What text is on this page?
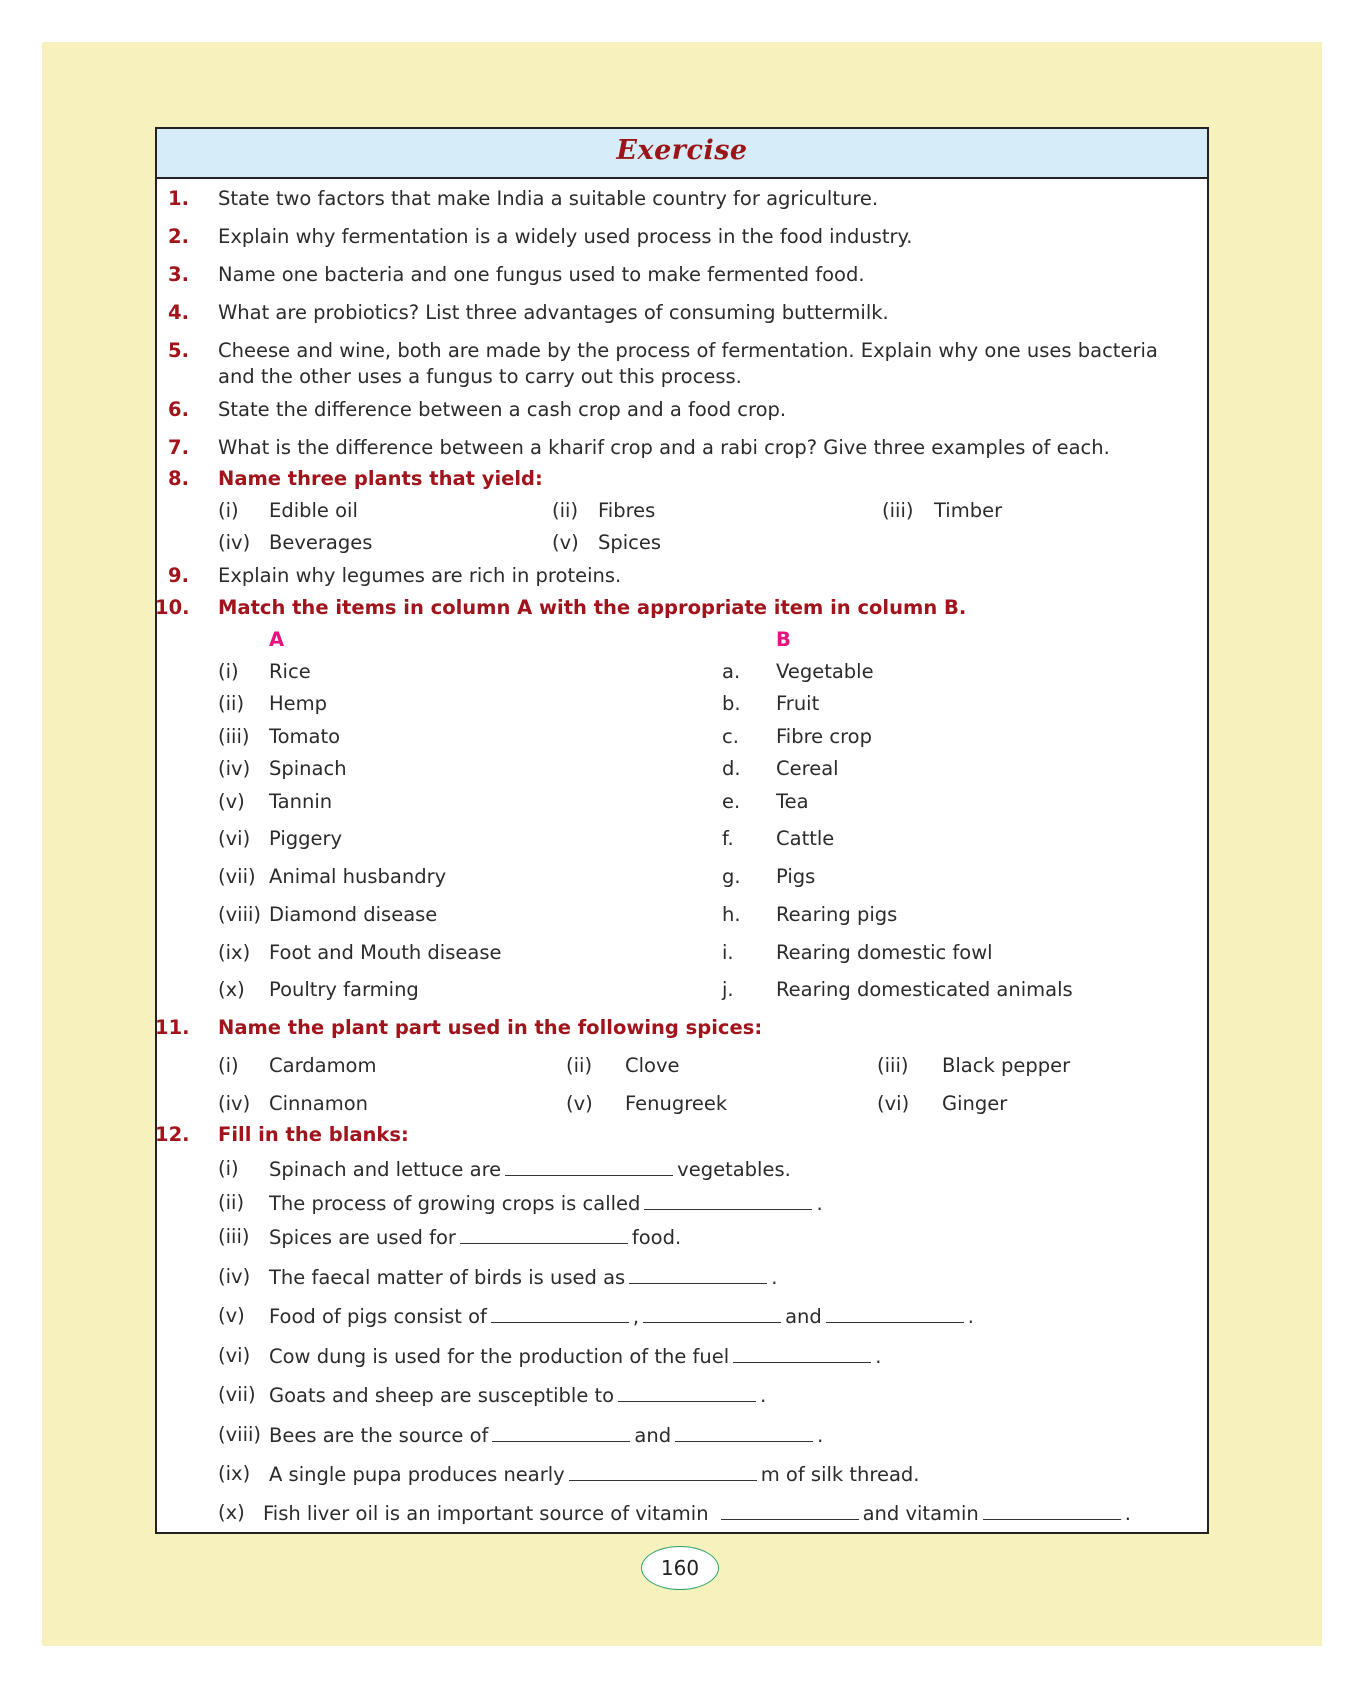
Exercise
1. State two factors that make India a suitable country for agriculture.
2. Explain why fermentation is a widely used process in the food industry.
3. Name one bacteria and one fungus used to make fermented food.
4. What are probiotics? List three advantages of consuming buttermilk.
5. Cheese and wine, both are made by the process of fermentation. Explain why one uses bacteria
and the other uses a fungus to carry out this process.
6. State the difference between a cash crop and a food crop.
7. What is the difference between a kharif crop and a rabi crop? Give three examples of each.
8. Name three plants that yield:
(i) Edible oil	(ii) Fibres	(iii) Timber
(iv) Beverages	(v) Spices
9. Explain why legumes are rich in proteins.
10. Match the items in column A with the appropriate item in column B.
A	B
(i) Rice	a. Vegetable
(ii) Hemp	b. Fruit
(iii) Tomato	c. Fibre crop
(iv) Spinach	d. Cereal
(v) Tannin	e. Tea
(vi) Piggery	f. Cattle
(vii) Animal husbandry	g. Pigs
(viii) Diamond disease	h. Rearing pigs
(ix) Foot and Mouth disease	i. Rearing domestic fowl
(x) Poultry farming	j. Rearing domesticated animals
11. Name the plant part used in the following spices:
(i) Cardamom	(ii) Clove	(iii) Black pepper
(iv) Cinnamon	(v) Fenugreek	(vi) Ginger
12. Fill in the blanks:
(i) Spinach and lettuce are	vegetables.
(ii) The process of growing crops is called	.
(iii) Spices are used for	food.
(iv) The faecal matter of birds is used as	.
(v) Food of pigs consist of	,	and	.
(vi) Cow dung is used for the production of the fuel	.
(vii) Goats and sheep are susceptible to	.
(viii) Bees are the source of	and	.
(ix) A single pupa produces nearly	m of silk thread.
(x) Fish liver oil is an important source of vitamin	and vitamin	.
160
